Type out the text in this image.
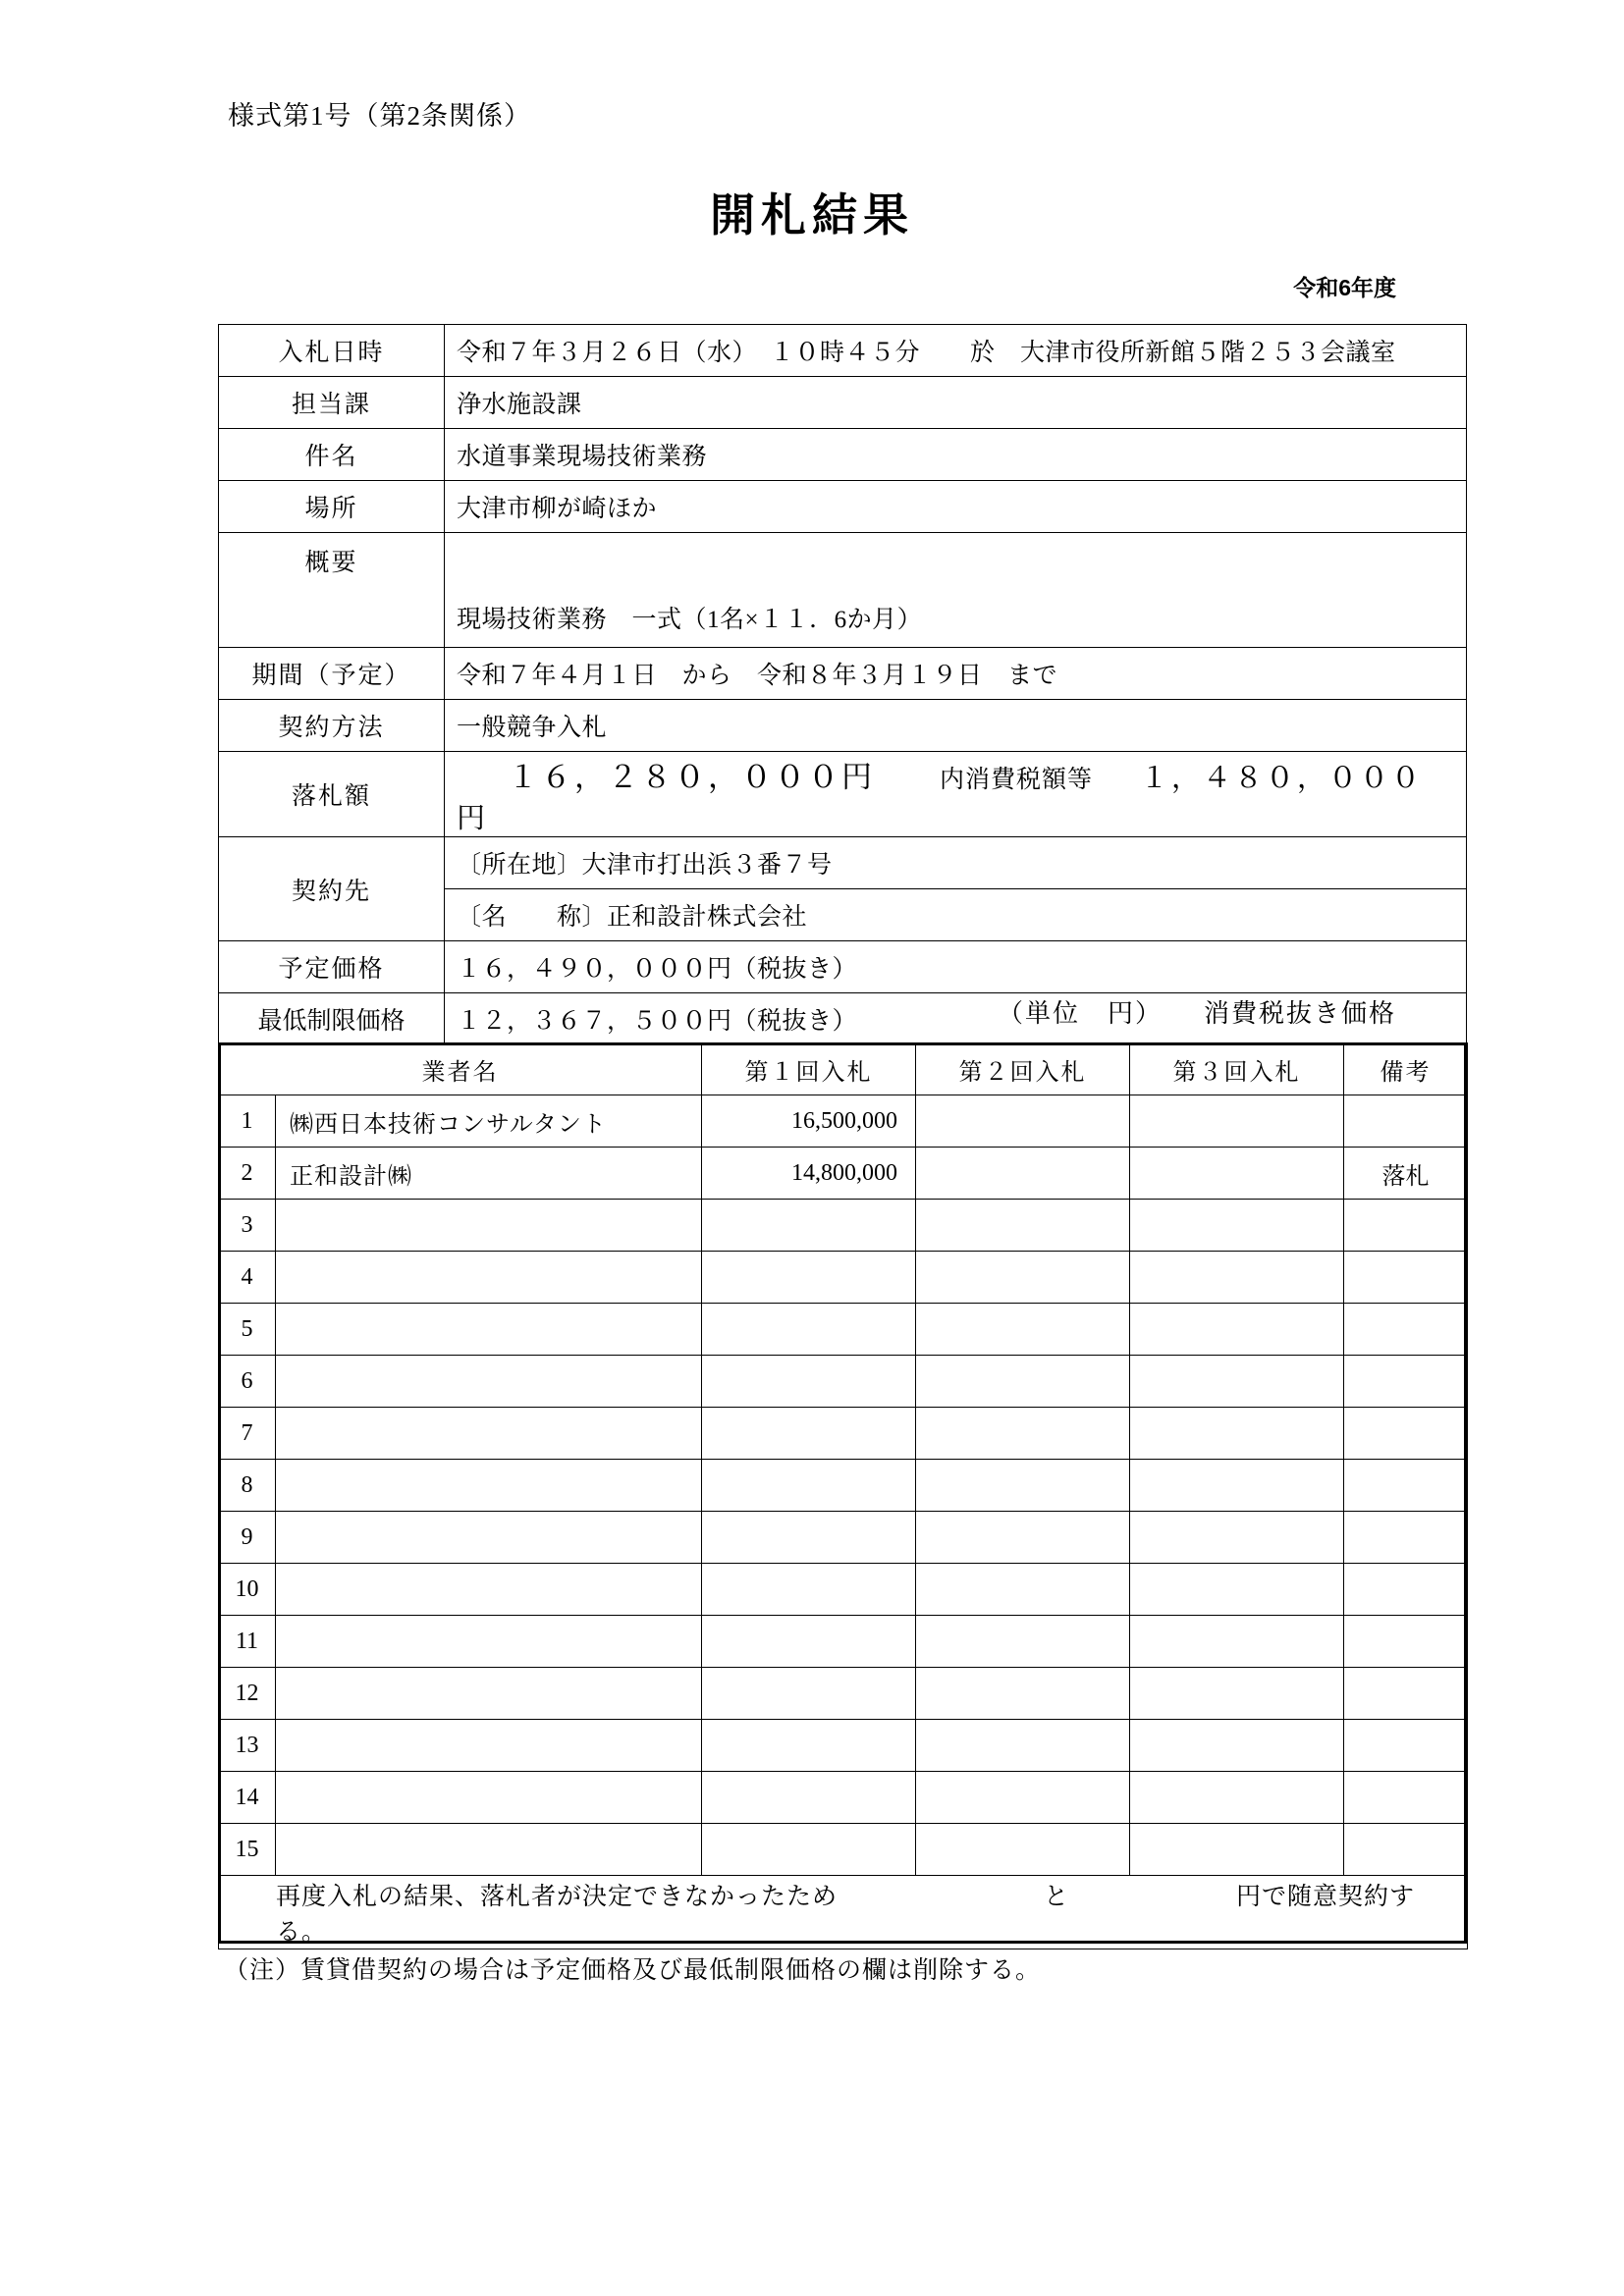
様式第1号（第2条関係）
開札結果
令和6年度
入札日時	令和７年３月２６日（水）　１０時４５分　　於　大津市役所新館５階２５３会議室
担当課	浄水施設課
件名	水道事業現場技術業務
場所	大津市柳が崎ほか
概要	現場技術業務　一式（1名×１１．6か月）
期間（予定）	令和７年４月１日　から　令和８年３月１９日　まで
契約方法	一般競争入札
落札額	１６，２８０，０００円 内消費税額等 １，４８０，０００円
契約先	〔所在地〕大津市打出浜３番７号
	〔名　　称〕正和設計株式会社
予定価格	１６，４９０，０００円（税抜き）
最低制限価格	１２，３６７，５００円（税抜き）	（単位　円） 消費税抜き価格
業者名		第１回入札	第２回入札	第３回入札	備考
1	㈱西日本技術コンサルタント	16,500,000			
2	正和設計㈱	14,800,000			落札
3					
4					
5					
6					
7					
8					
9					
10					
11					
12					
13					
14					
15					
再度入札の結果、落札者が決定できなかったため と 円で随意契約する。					
（注）賃貸借契約の場合は予定価格及び最低制限価格の欄は削除する。
